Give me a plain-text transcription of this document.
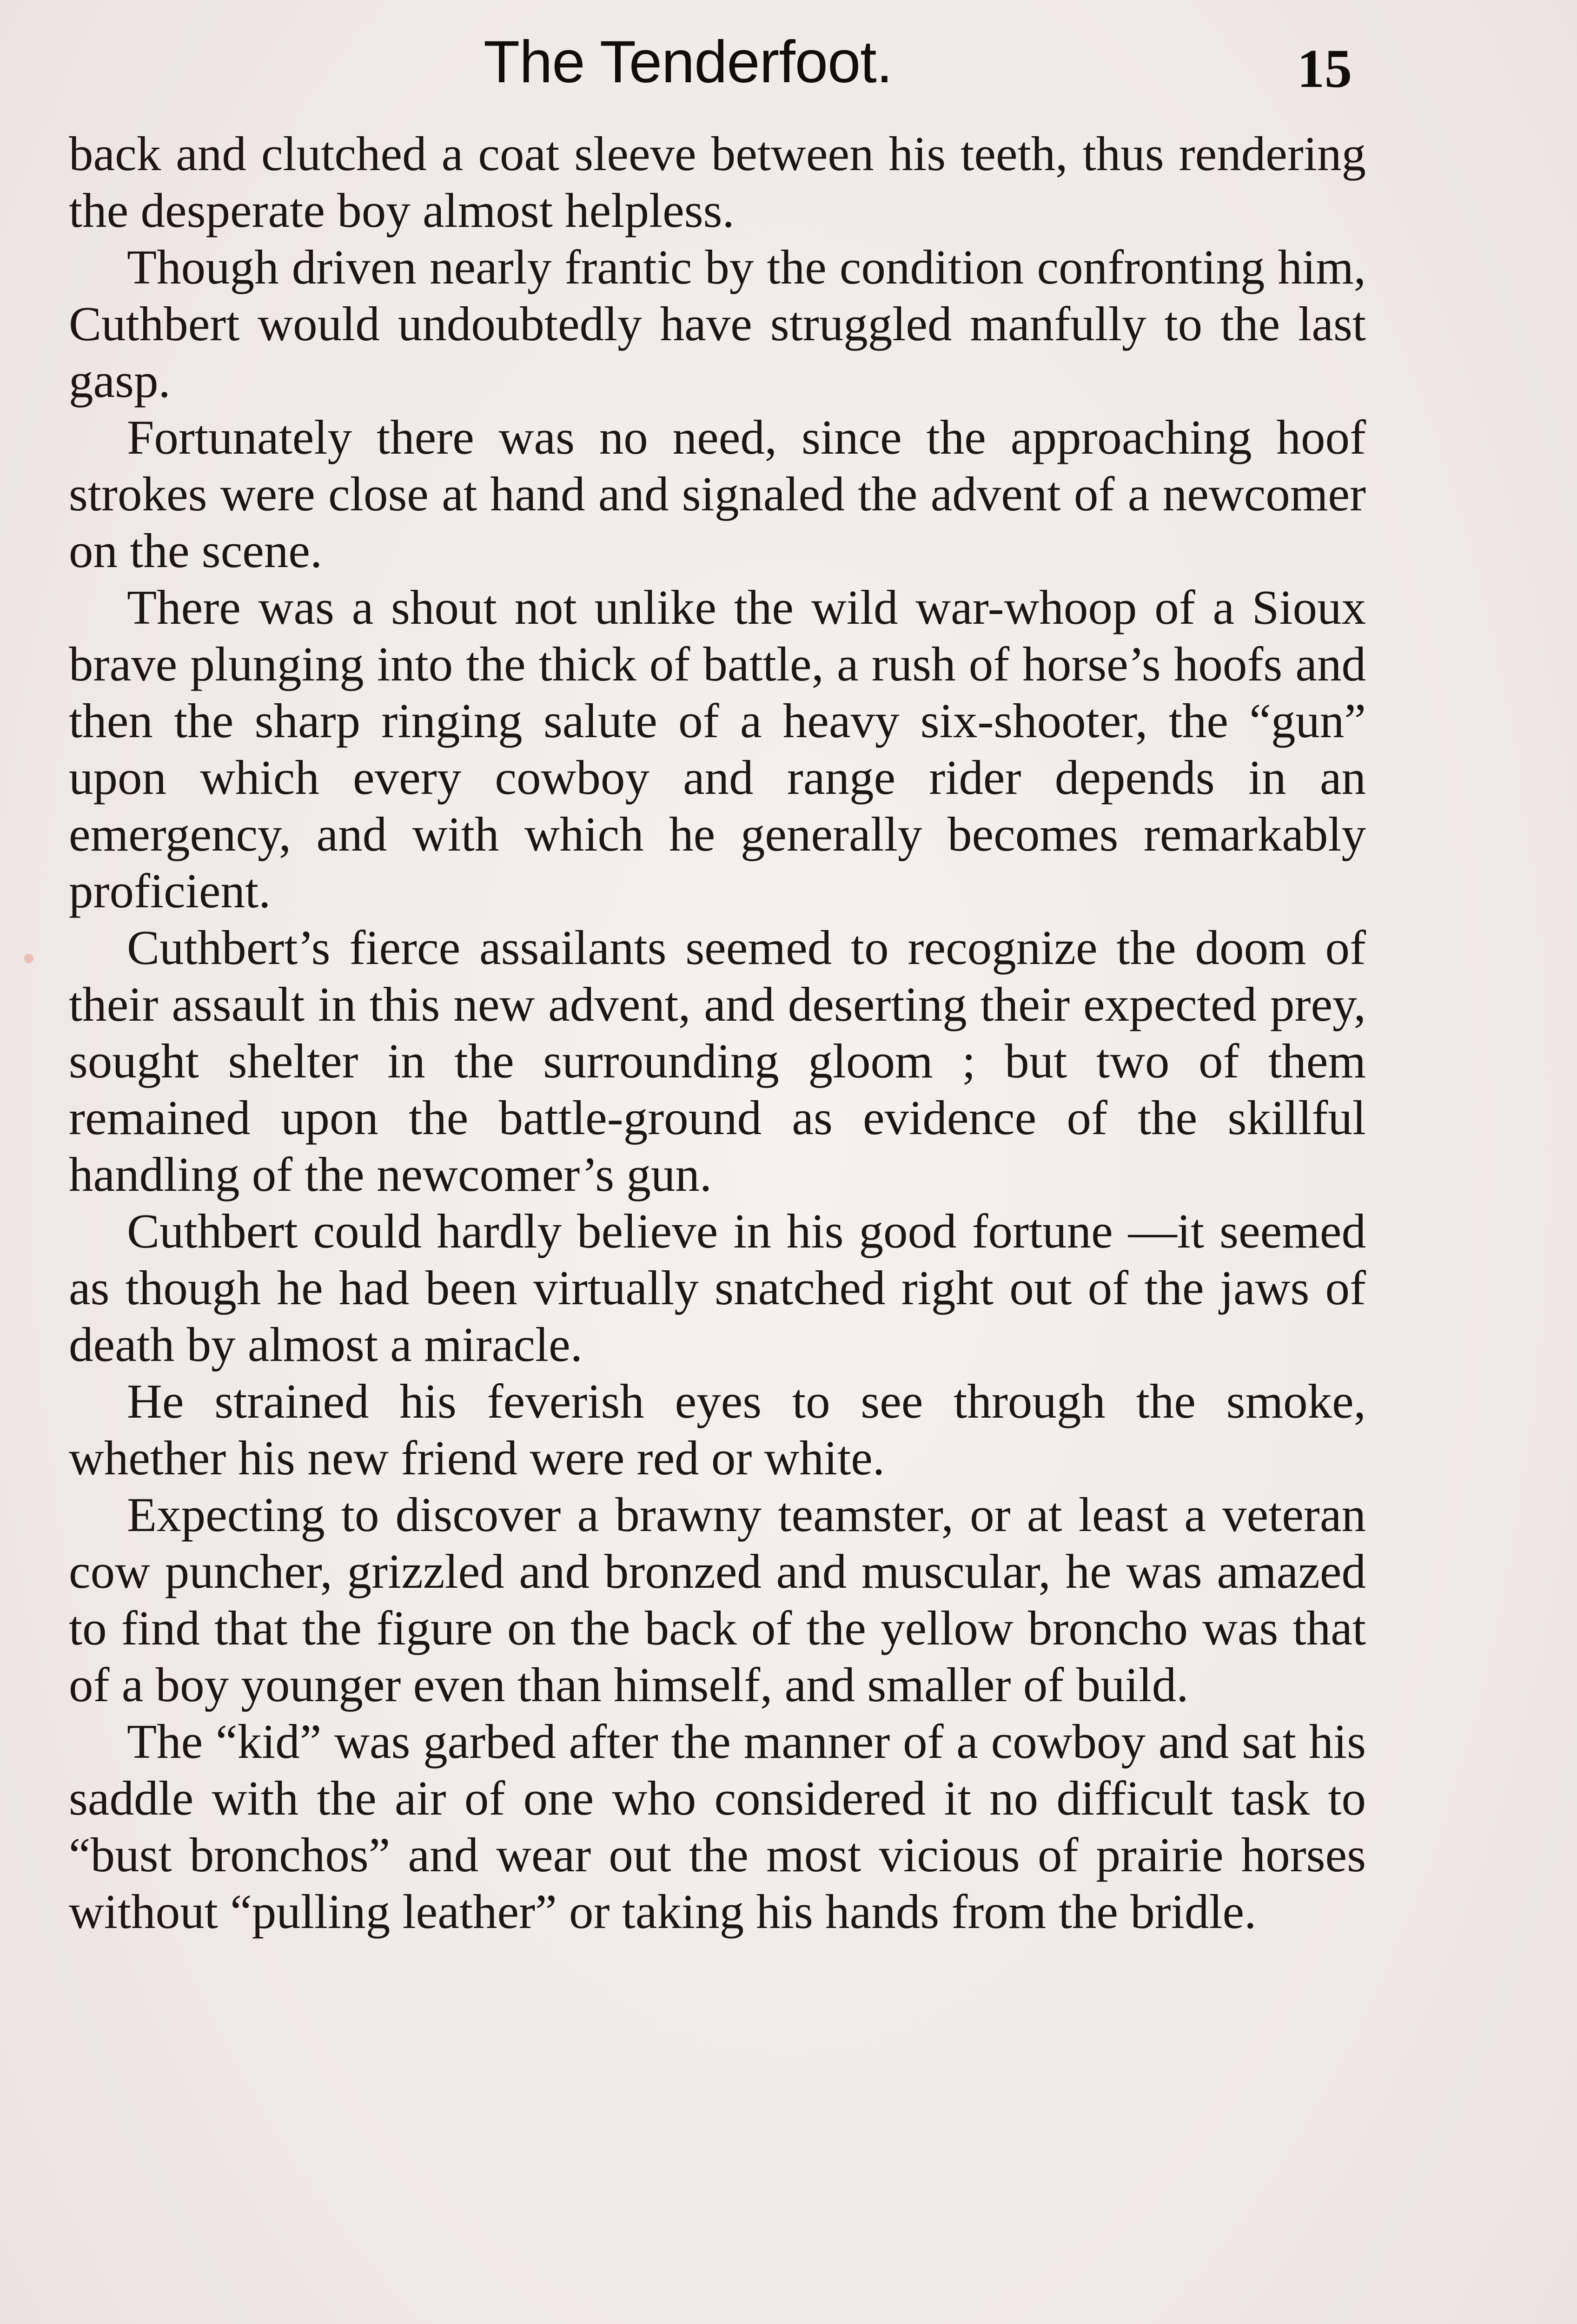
The Tenderfoot.	15

back and clutched a coat sleeve between his teeth, thus rendering the desperate boy almost helpless.

Though driven nearly frantic by the condition confronting him, Cuthbert would undoubtedly have struggled manfully to the last gasp.

Fortunately there was no need, since the approaching hoof strokes were close at hand and signaled the advent of a newcomer on the scene.

There was a shout not unlike the wild war-whoop of a Sioux brave plunging into the thick of battle, a rush of horse’s hoofs and then the sharp ringing salute of a heavy six-shooter, the “gun” upon which every cowboy and range rider depends in an emergency, and with which he generally becomes remarkably proficient.

Cuthbert’s fierce assailants seemed to recognize the doom of their assault in this new advent, and deserting their expected prey, sought shelter in the surrounding gloom ; but two of them remained upon the battle-ground as evidence of the skillful handling of the newcomer’s gun.

Cuthbert could hardly believe in his good fortune —it seemed as though he had been virtually snatched right out of the jaws of death by almost a miracle.

He strained his feverish eyes to see through the smoke, whether his new friend were red or white.

Expecting to discover a brawny teamster, or at least a veteran cow puncher, grizzled and bronzed and muscular, he was amazed to find that the figure on the back of the yellow broncho was that of a boy younger even than himself, and smaller of build.

The “kid” was garbed after the manner of a cowboy and sat his saddle with the air of one who considered it no difficult task to “bust bronchos” and wear out the most vicious of prairie horses without “pulling leather” or taking his hands from the bridle.
